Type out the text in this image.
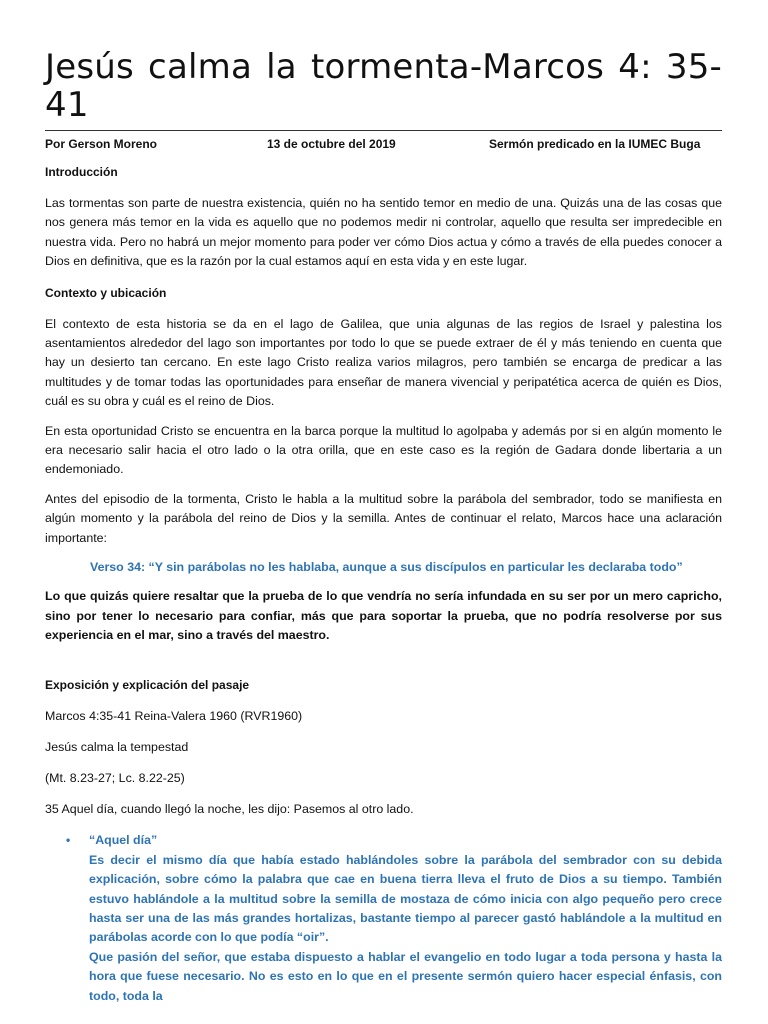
Jesús calma la tormenta-Marcos 4: 35-41
Por Gerson Moreno	13 de octubre del 2019	Sermón predicado en la IUMEC Buga
Introducción

Las tormentas son parte de nuestra existencia, quién no ha sentido temor en medio de una. Quizás una de las cosas que nos genera más temor en la vida es aquello que no podemos medir ni controlar, aquello que resulta ser impredecible en nuestra vida. Pero no habrá un mejor momento para poder ver cómo Dios actua y cómo a través de ella puedes conocer a Dios en definitiva, que es la razón por la cual estamos aquí en esta vida y en este lugar.

Contexto y ubicación

El contexto de esta historia se da en el lago de Galilea, que unia algunas de las regios de Israel y palestina los asentamientos alrededor del lago son importantes por todo lo que se puede extraer de él y más teniendo en cuenta que hay un desierto tan cercano. En este lago Cristo realiza varios milagros, pero también se encarga de predicar a las multitudes y de tomar todas las oportunidades para enseñar de manera vivencial y peripatética acerca de quién es Dios, cuál es su obra y cuál es el reino de Dios.

En esta oportunidad Cristo se encuentra en la barca porque la multitud lo agolpaba y además por si en algún momento le era necesario salir hacia el otro lado o la otra orilla, que en este caso es la región de Gadara donde libertaria a un endemoniado.

Antes del episodio de la tormenta, Cristo le habla a la multitud sobre la parábola del sembrador, todo se manifiesta en algún momento y la parábola del reino de Dios y la semilla. Antes de continuar el relato, Marcos hace una aclaración importante:

Verso 34: “Y sin parábolas no les hablaba, aunque a sus discípulos en particular les declaraba todo”

Lo que quizás quiere resaltar que la prueba de lo que vendría no sería infundada en su ser por un mero capricho, sino por tener lo necesario para confiar, más que para soportar la prueba, que no podría resolverse por sus experiencia en el mar, sino a través del maestro.

Exposición y explicación del pasaje

Marcos 4:35-41 Reina-Valera 1960 (RVR1960)

Jesús calma la tempestad

(Mt. 8.23-27; Lc. 8.22-25)

35 Aquel día, cuando llegó la noche, les dijo: Pasemos al otro lado.

• “Aquel día”

Es decir el mismo día que había estado hablándoles sobre la parábola del sembrador con su debida explicación, sobre cómo la palabra que cae en buena tierra lleva el fruto de Dios a su tiempo. También estuvo hablándole a la multitud sobre la semilla de mostaza de cómo inicia con algo pequeño pero crece hasta ser una de las más grandes hortalizas, bastante tiempo al parecer gastó hablándole a la multitud en parábolas acorde con lo que podía “oir”.

Que pasión del señor, que estaba dispuesto a hablar el evangelio en todo lugar a toda persona y hasta la hora que fuese necesario. No es esto en lo que en el presente sermón quiero hacer especial énfasis, con todo, toda la
